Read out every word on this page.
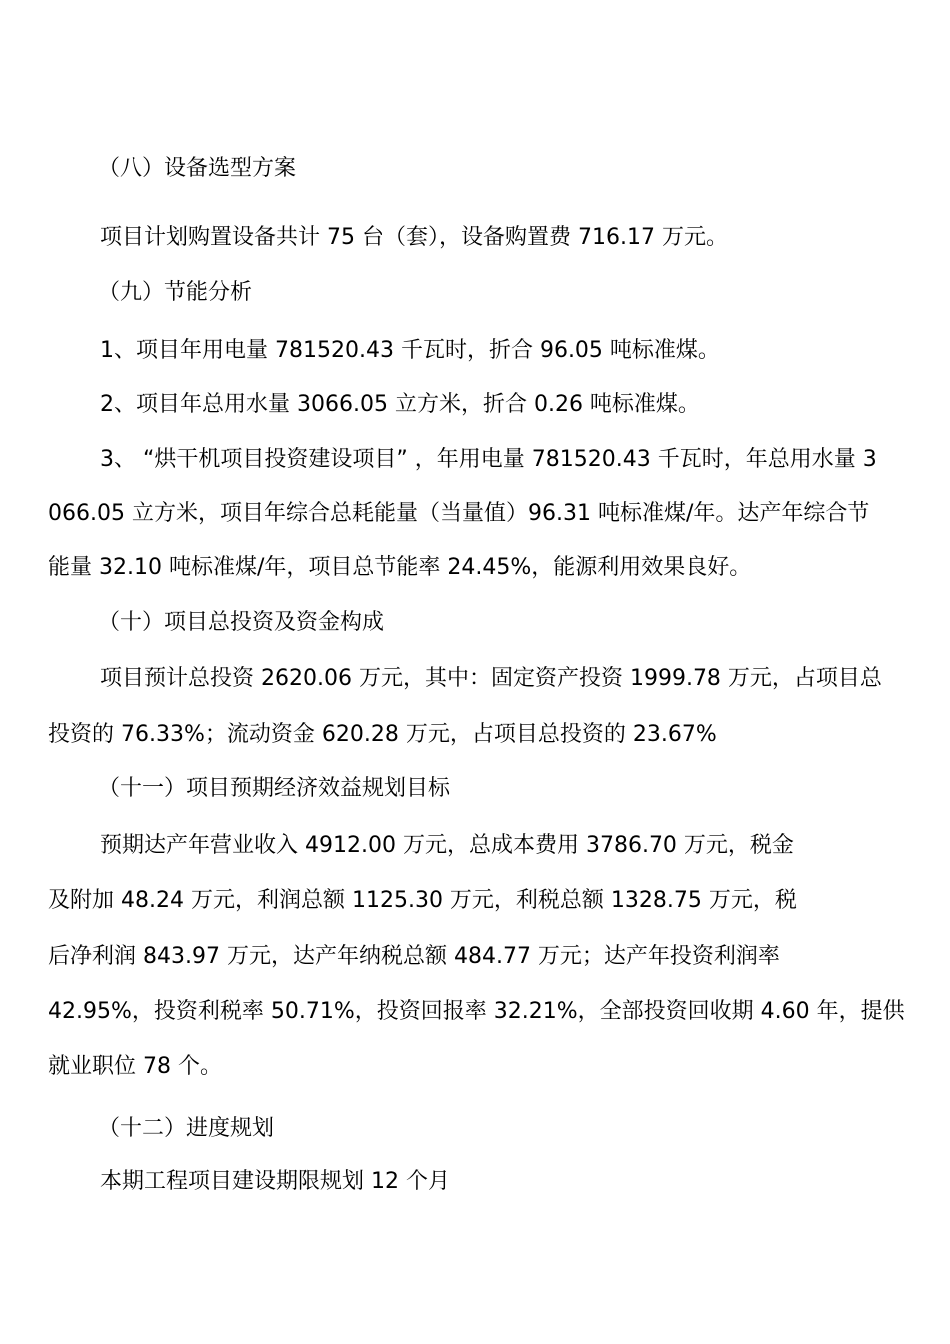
（八）设备选型方案
项目计划购置设备共计 75 台（套），设备购置费 716.17 万元。
（九）节能分析
1、项目年用电量 781520.43 千瓦时，折合 96.05 吨标准煤。
2、项目年总用水量 3066.05 立方米，折合 0.26 吨标准煤。
3、 “烘干机项目投资建设项目” ，年用电量 781520.43 千瓦时，年总用水量 3
066.05 立方米，项目年综合总耗能量（当量值）96.31 吨标准煤/年。达产年综合节
能量 32.10 吨标准煤/年，项目总节能率 24.45%，能源利用效果良好。
（十）项目总投资及资金构成
项目预计总投资 2620.06 万元，其中：固定资产投资 1999.78 万元，占项目总
投资的 76.33%；流动资金 620.28 万元，占项目总投资的 23.67%
（十一）项目预期经济效益规划目标
预期达产年营业收入 4912.00 万元，总成本费用 3786.70 万元，税金
及附加 48.24 万元，利润总额 1125.30 万元，利税总额 1328.75 万元，税
后净利润 843.97 万元，达产年纳税总额 484.77 万元；达产年投资利润率
42.95%，投资利税率 50.71%，投资回报率 32.21%，全部投资回收期 4.60 年，提供
就业职位 78 个。
（十二）进度规划
本期工程项目建设期限规划 12 个月
